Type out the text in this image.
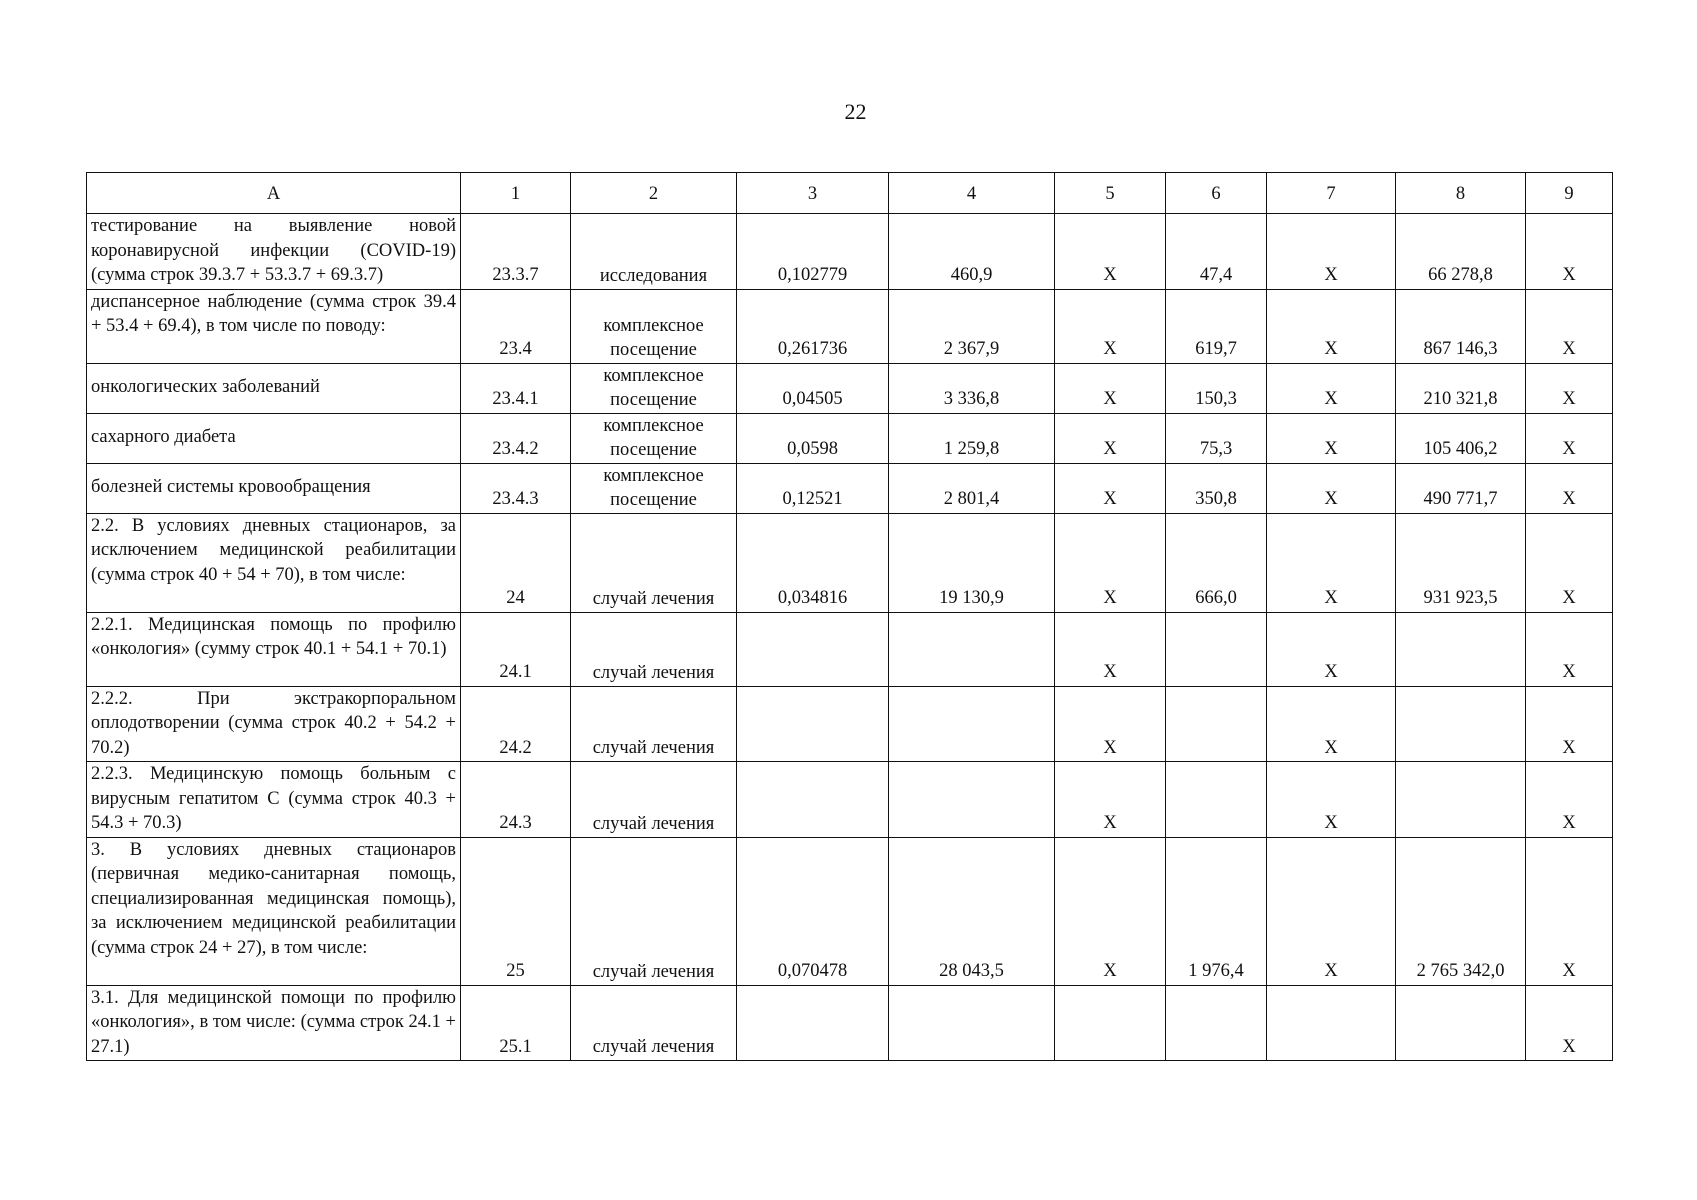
22
А	1	2	3	4	5	6	7	8	9
тестирование на выявление новой коронавирусной инфекции (COVID-19) (сумма строк 39.3.7 + 53.3.7 + 69.3.7)	23.3.7	исследования	0,102779	460,9	Х	47,4	Х	66 278,8	Х
диспансерное наблюдение (сумма строк 39.4 + 53.4 + 69.4), в том числе по поводу:	23.4	комплексное посещение	0,261736	2 367,9	Х	619,7	Х	867 146,3	Х
онкологических заболеваний	23.4.1	комплексное посещение	0,04505	3 336,8	Х	150,3	Х	210 321,8	Х
сахарного диабета	23.4.2	комплексное посещение	0,0598	1 259,8	Х	75,3	Х	105 406,2	Х
болезней системы кровообращения	23.4.3	комплексное посещение	0,12521	2 801,4	Х	350,8	Х	490 771,7	Х
2.2. В условиях дневных стационаров, за исключением медицинской реабилитации (сумма строк 40 + 54 + 70), в том числе:	24	случай лечения	0,034816	19 130,9	Х	666,0	Х	931 923,5	Х
2.2.1. Медицинская помощь по профилю «онкология» (сумму строк 40.1 + 54.1 + 70.1)	24.1	случай лечения			Х		Х		Х
2.2.2. При экстракорпоральном оплодотворении (сумма строк 40.2 + 54.2 + 70.2)	24.2	случай лечения			Х		Х		Х
2.2.3. Медицинскую помощь больным с вирусным гепатитом С (сумма строк 40.3 + 54.3 + 70.3)	24.3	случай лечения			Х		Х		Х
3. В условиях дневных стационаров (первичная медико-санитарная помощь, специализированная медицинская помощь), за исключением медицинской реабилитации (сумма строк 24 + 27), в том числе:	25	случай лечения	0,070478	28 043,5	Х	1 976,4	Х	2 765 342,0	Х
3.1. Для медицинской помощи по профилю «онкология», в том числе: (сумма строк 24.1 + 27.1)	25.1	случай лечения							Х
